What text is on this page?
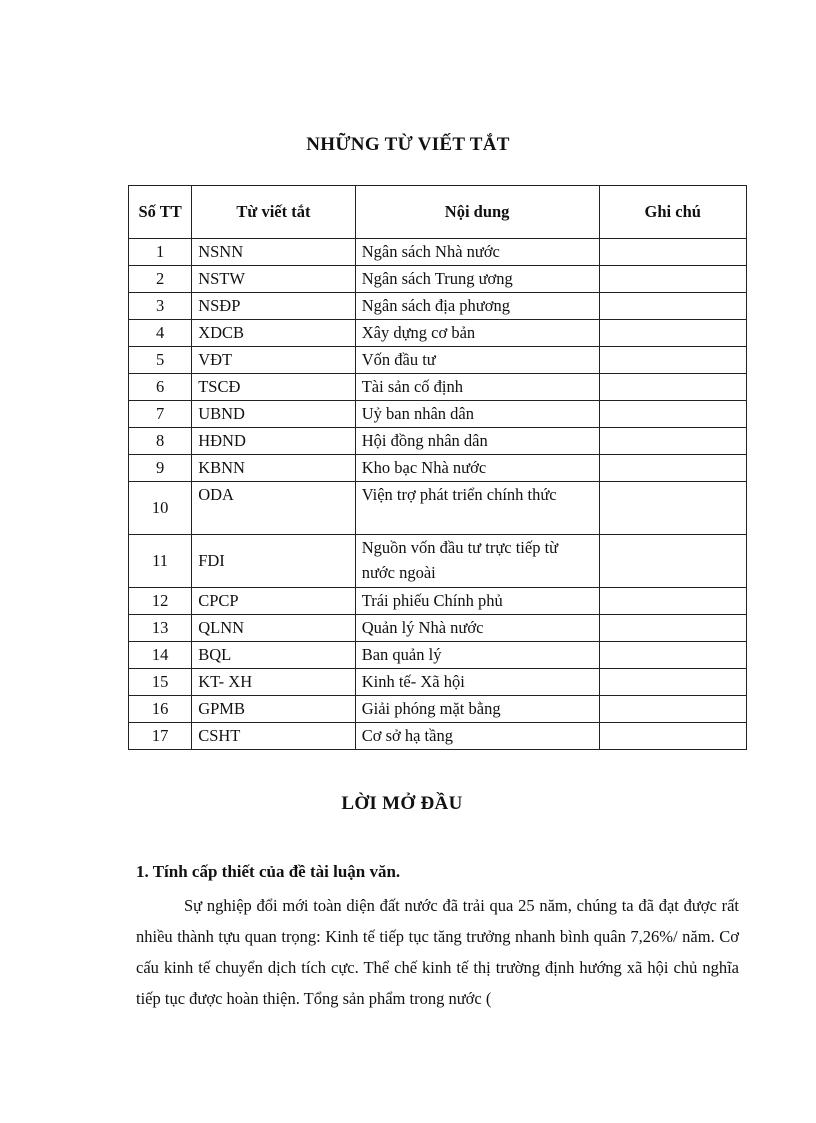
NHỮNG TỪ VIẾT TẮT
Số TT	Từ viết tắt	Nội dung	Ghi chú
1	NSNN	Ngân sách Nhà nước	
2	NSTW	Ngân sách Trung ương	
3	NSĐP	Ngân sách địa phương	
4	XDCB	Xây dựng cơ bản	
5	VĐT	Vốn đầu tư	
6	TSCĐ	Tài sản cố định	
7	UBND	Uỷ ban nhân dân	
8	HĐND	Hội đồng nhân dân	
9	KBNN	Kho bạc Nhà nước	
10	ODA	Viện trợ phát triển chính thức	
11	FDI	Nguồn vốn đầu tư trực tiếp từ nước ngoài	
12	CPCP	Trái phiếu Chính phủ	
13	QLNN	Quản lý Nhà nước	
14	BQL	Ban quản lý	
15	KT- XH	Kinh tế- Xã hội	
16	GPMB	Giải phóng mặt bằng	
17	CSHT	Cơ sở hạ tầng	
LỜI MỞ ĐẦU
1. Tính cấp thiết của đề tài luận văn.
Sự nghiệp đổi mới toàn diện đất nước đã trải qua 25 năm, chúng ta đã đạt được rất nhiều thành tựu quan trọng: Kinh tế tiếp tục tăng trưởng nhanh bình quân 7,26%/ năm. Cơ cấu kinh tế chuyển dịch tích cực. Thể chế kinh tế thị trường định hướng xã hội chủ nghĩa tiếp tục được hoàn thiện. Tổng sản phẩm trong nước (
